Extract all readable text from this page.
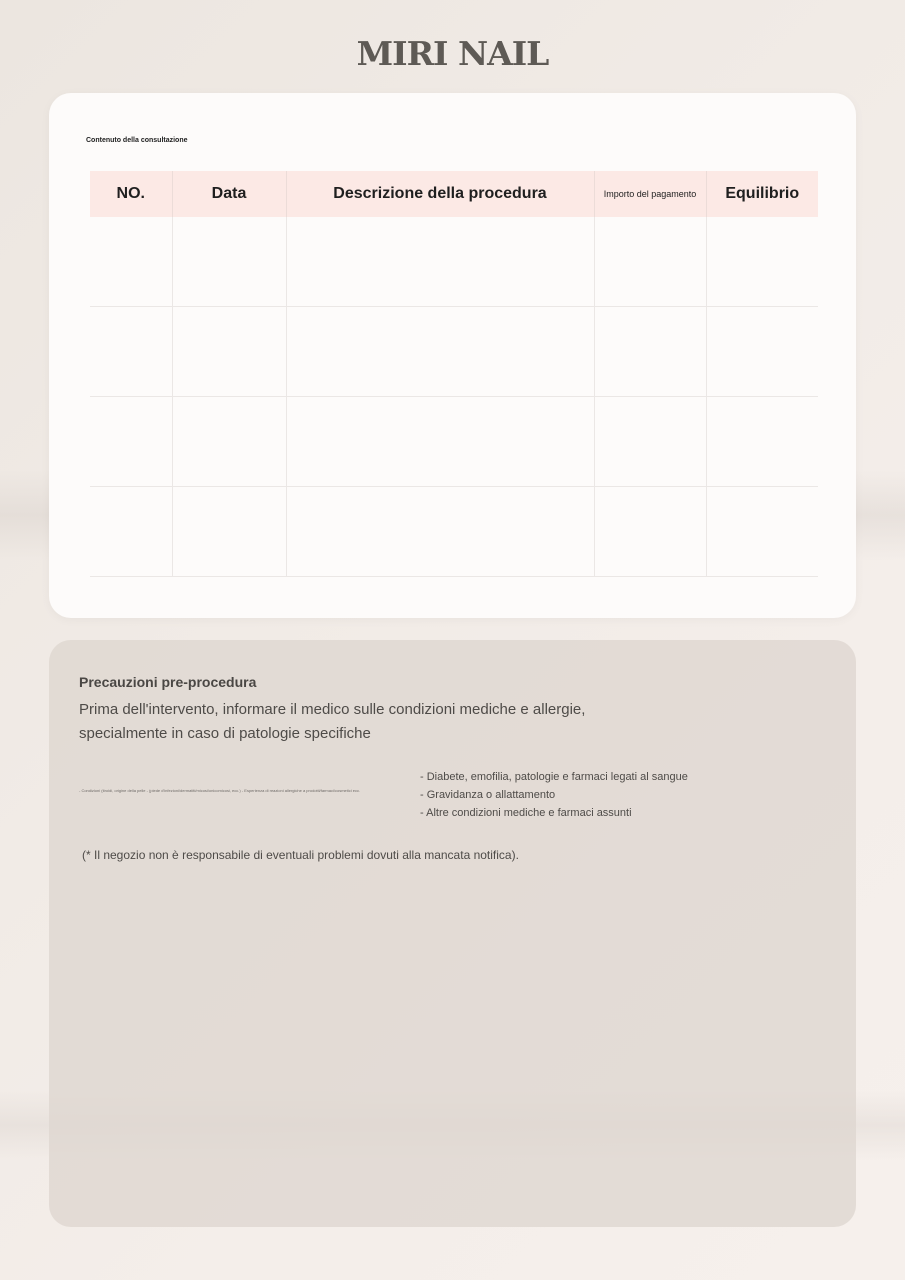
MIRI NAIL
Contenuto della consultazione
NO.	Data	Descrizione della procedura	Importo del pagamento	Equilibrio

Precauzioni pre-procedura
Prima dell'intervento, informare il medico sulle condizioni mediche e allergie,
specialmente in caso di patologie specifiche
- Condizioni (tiroidi, origine della pelle - (piede d'infezioni/dermatiti/micosi/onicomicosi, ecc.) - Esperienza di reazioni allergiche a prodotti/farmaci/cosmetici ecc.
- Diabete, emofilia, patologie e farmaci legati al sangue
- Gravidanza o allattamento
- Altre condizioni mediche e farmaci assunti
(* Il negozio non è responsabile di eventuali problemi dovuti alla mancata notifica).
